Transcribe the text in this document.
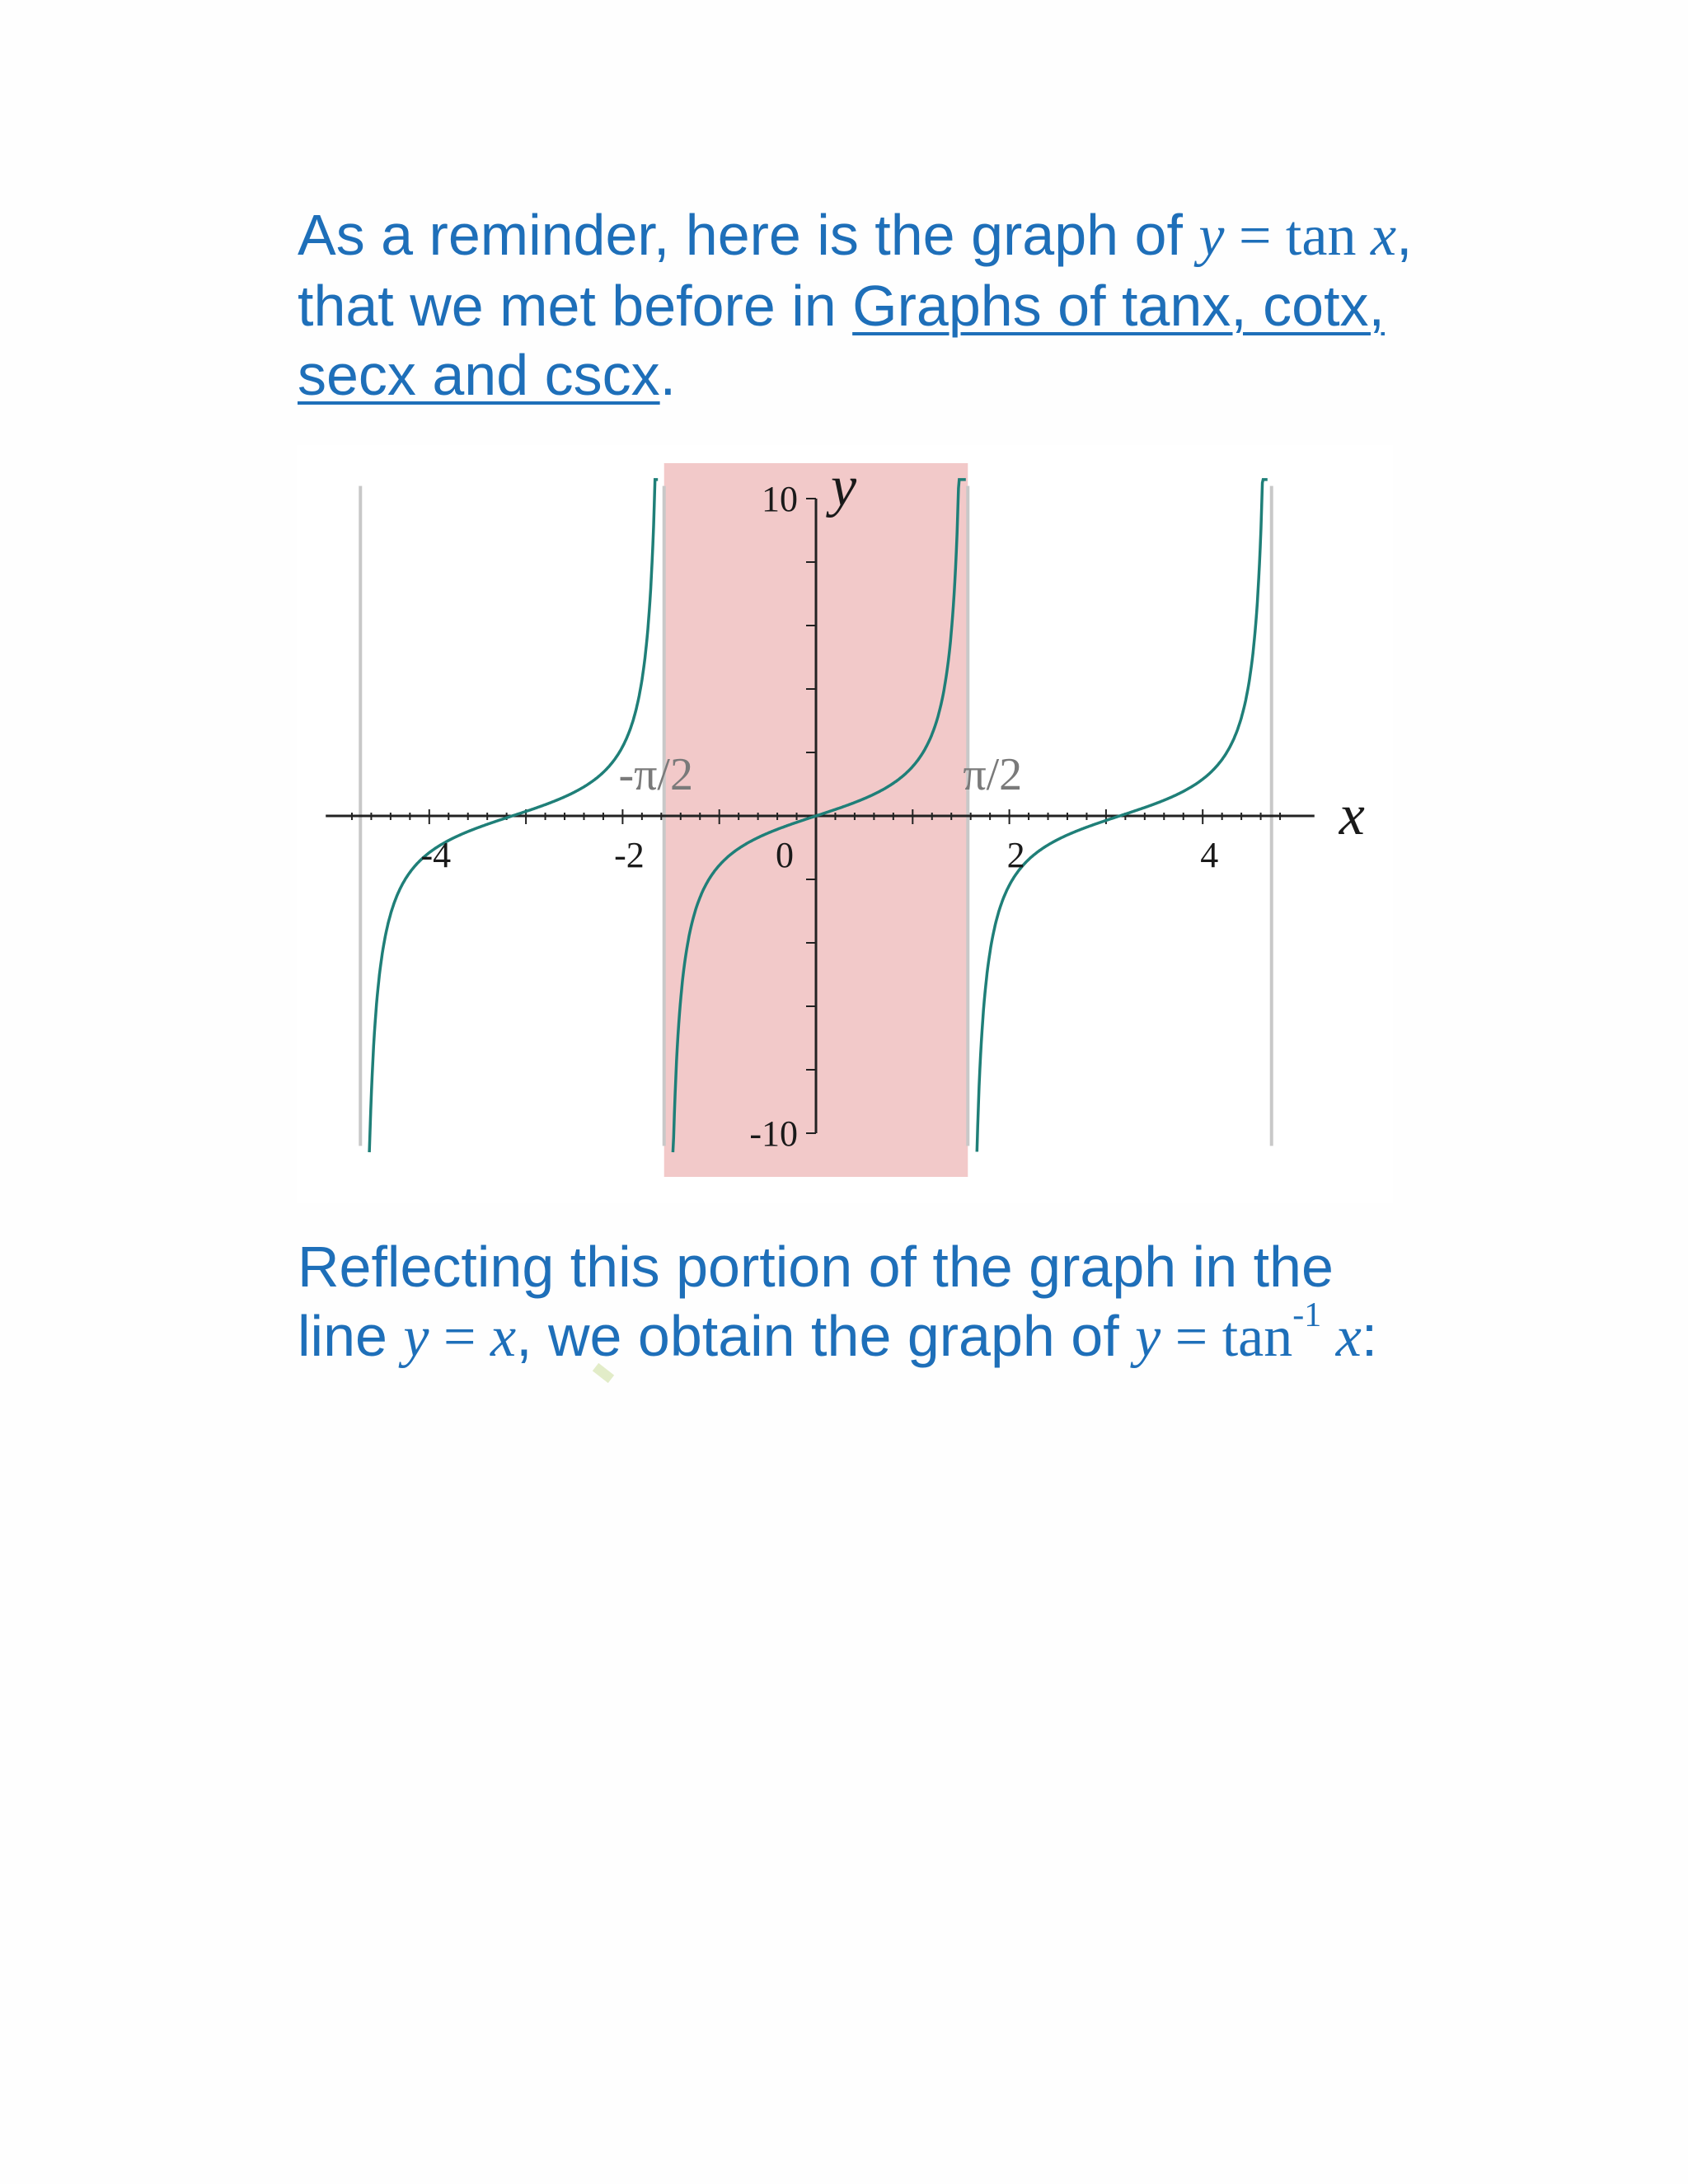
As a reminder, here is the graph of y = tan x,
that we met before in Graphs of tanx, cotx,
secx and cscx.

-4	-2	0	2	4
10
-10
-π/2	π/2
x
y

Reflecting this portion of the graph in the
line y = x, we obtain the graph of $y = \tan^{-1} x$:
